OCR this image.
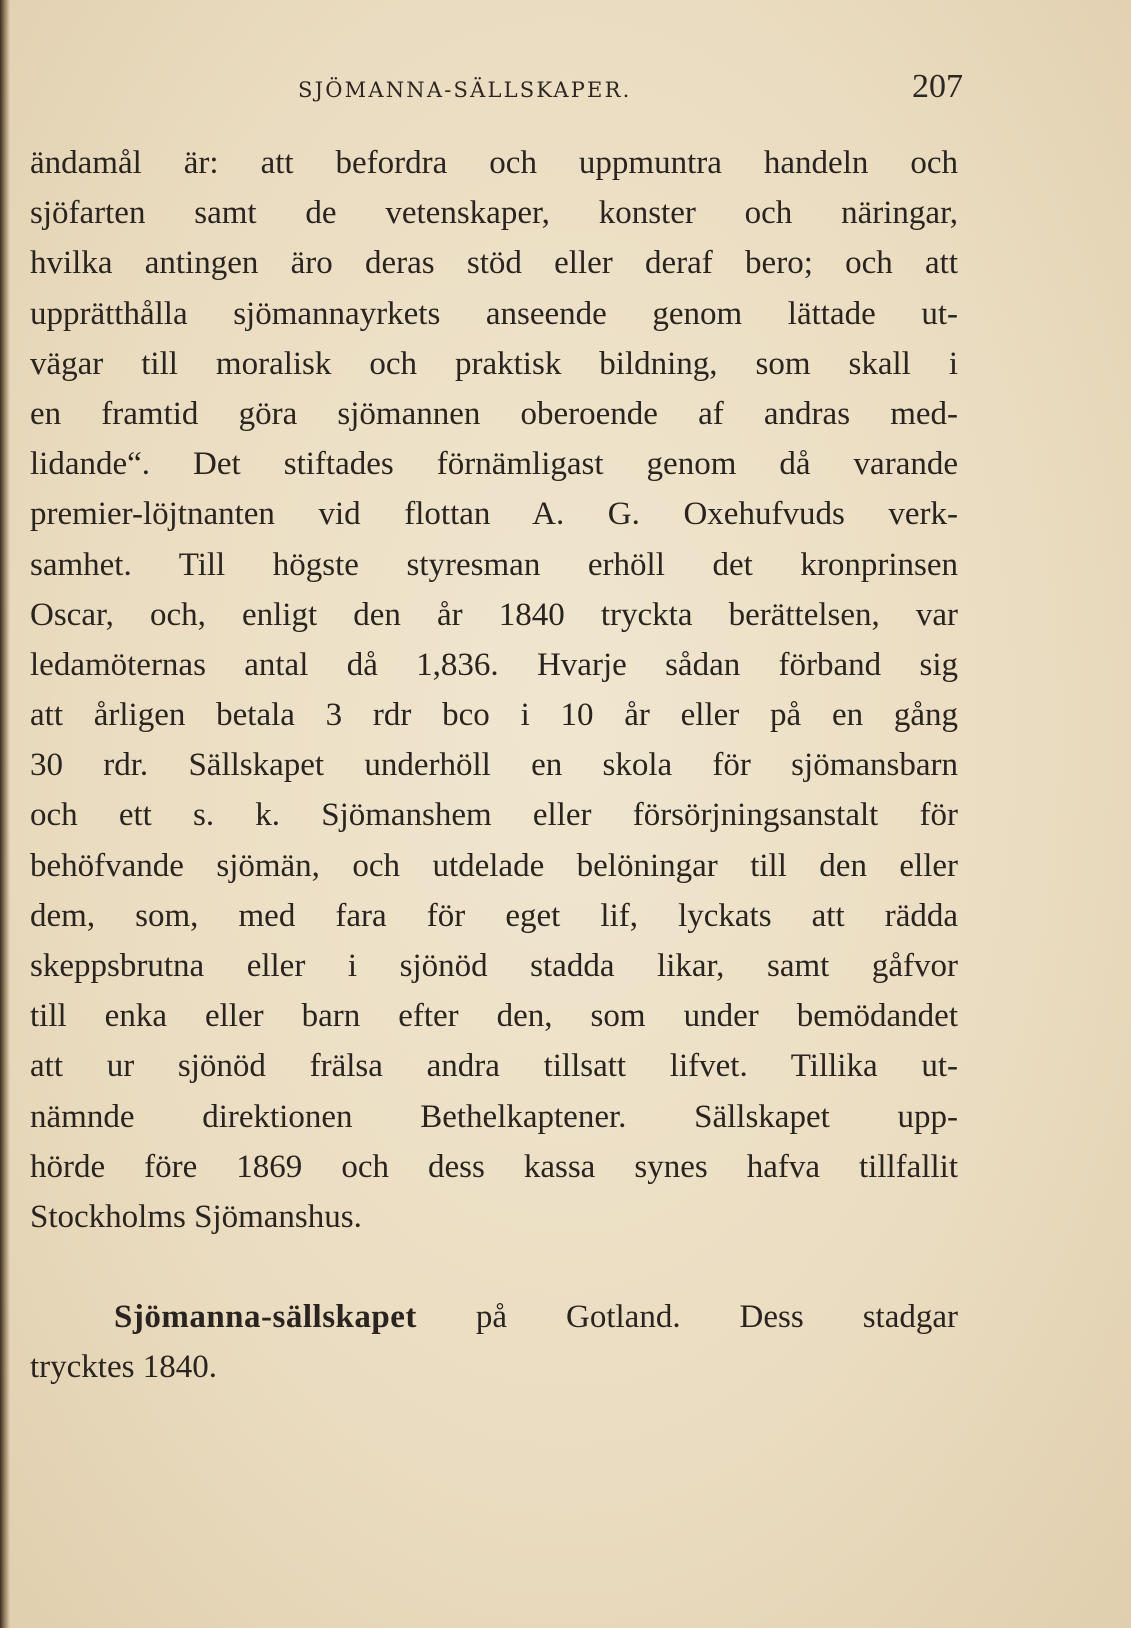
SJÖMANNA-SÄLLSKAPER.	207
ändamål är: att befordra och uppmuntra handeln och
sjöfarten samt de vetenskaper, konster och näringar,
hvilka antingen äro deras stöd eller deraf bero; och att
upprätthålla sjömannayrkets anseende genom lättade ut-
vägar till moralisk och praktisk bildning, som skall i
en framtid göra sjömannen oberoende af andras med-
lidande“. Det stiftades förnämligast genom då varande
premier-löjtnanten vid flottan A. G. Oxehufvuds verk-
samhet. Till högste styresman erhöll det kronprinsen
Oscar, och, enligt den år 1840 tryckta berättelsen, var
ledamöternas antal då 1,836. Hvarje sådan förband sig
att årligen betala 3 rdr bco i 10 år eller på en gång
30 rdr. Sällskapet underhöll en skola för sjömansbarn
och ett s. k. Sjömanshem eller försörjningsanstalt för
behöfvande sjömän, och utdelade belöningar till den eller
dem, som, med fara för eget lif, lyckats att rädda
skeppsbrutna eller i sjönöd stadda likar, samt gåfvor
till enka eller barn efter den, som under bemödandet
att ur sjönöd frälsa andra tillsatt lifvet. Tillika ut-
nämnde direktionen Bethelkaptener. Sällskapet upp-
hörde före 1869 och dess kassa synes hafva tillfallit
Stockholms Sjömanshus.
Sjömanna-sällskapet på Gotland. Dess stadgar
trycktes 1840.
